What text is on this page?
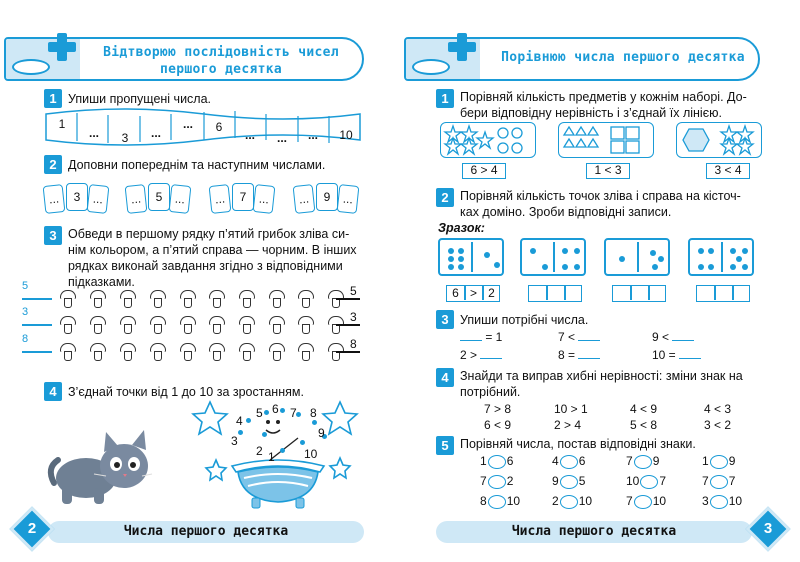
Відтворюю послідовність чисел
першого десятка
1 Упиши пропущені числа.
1
...	3	...
...	6
...	...	...	10
2 Доповни попереднім та наступним числами.
...	3 ...	...	5 ...	...	7 ...	...	9 ...
3 Обведи в першому рядку п’ятий грибок зліва си-
нім кольором, а п’ятий справа — чорним. В інших
рядках виконай завдання згідно з відповідними
підказками.
5	5
3	3
8	8
4 З’єднай точки від 1 до 10 за зростанням.
1
2
3
4
5 6 7 8
9
10
Числа першого десятка
2
Порівнюю числа першого десятка
1 Порівняй кількість предметів у кожнім наборі. До-
бери відповідну нерівність і з’єднай їх лінією.
6 > 4	1 < 3	3 < 4
2 Порівняй кількість точок зліва і справа на кісточ-
ках доміно. Зроби відповідні записи.
Зразок:
6 > 2
3 Упиши потрібні числа.
= 1	7 <	9 <
2 >	8 =	10 =
4 Знайди та виправ хибні нерівності: зміни знак на
потрібний.
7 > 8	10 > 1	4 < 9	4 < 3
6 < 9	2 > 4	5 < 8	3 < 2
5 Порівняй числа, постав відповідні знаки.
1 6	4 6	7 9	1 9
7 2	9 5	10 7	7 7
8 10	2 10	7 10	3 10
Числа першого десятка	3
